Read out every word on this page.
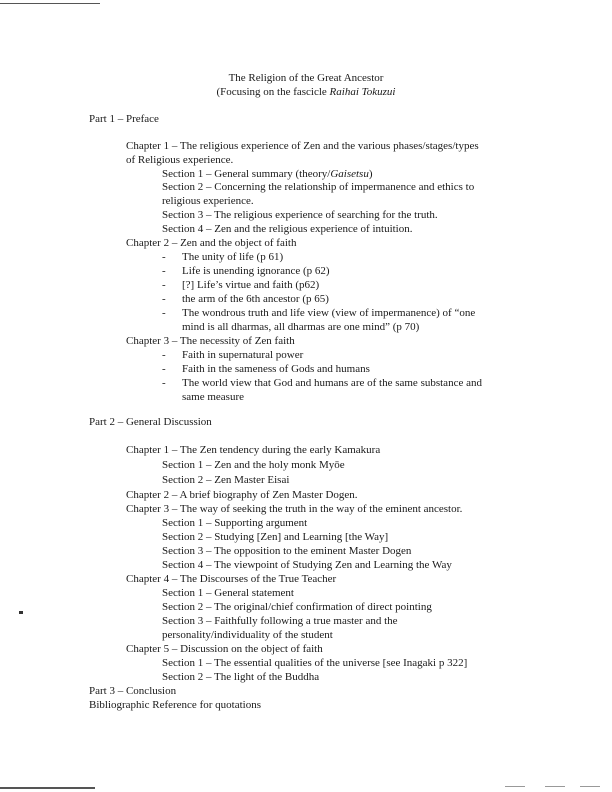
The Religion of the Great Ancestor
(Focusing on the fascicle Raihai Tokuzui
Part 1 – Preface
Chapter 1 – The religious experience of Zen and the various phases/stages/types
of Religious experience.
Section 1 – General summary (theory/Gaisetsu)
Section 2 – Concerning the relationship of impermanence and ethics to
religious experience.
Section 3 – The religious experience of searching for the truth.
Section 4 – Zen and the religious experience of intuition.
Chapter 2 – Zen and the object of faith
- The unity of life (p 61)
- Life is unending ignorance (p 62)
- [?] Life’s virtue and faith (p62)
- the arm of the 6th ancestor (p 65)
- The wondrous truth and life view (view of impermanence) of “one
mind is all dharmas, all dharmas are one mind” (p 70)
Chapter 3 – The necessity of Zen faith
- Faith in supernatural power
- Faith in the sameness of Gods and humans
- The world view that God and humans are of the same substance and
same measure
Part 2 – General Discussion
Chapter 1 – The Zen tendency during the early Kamakura
Section 1 – Zen and the holy monk Myōe
Section 2 – Zen Master Eisai
Chapter 2 – A brief biography of Zen Master Dogen.
Chapter 3 – The way of seeking the truth in the way of the eminent ancestor.
Section 1 – Supporting argument
Section 2 – Studying [Zen] and Learning [the Way]
Section 3 – The opposition to the eminent Master Dogen
Section 4 – The viewpoint of Studying Zen and Learning the Way
Chapter 4 – The Discourses of the True Teacher
Section 1 – General statement
Section 2 – The original/chief confirmation of direct pointing
Section 3 – Faithfully following a true master and the
personality/individuality of the student
Chapter 5 – Discussion on the object of faith
Section 1 – The essential qualities of the universe [see Inagaki p 322]
Section 2 – The light of the Buddha
Part 3 – Conclusion
Bibliographic Reference for quotations
